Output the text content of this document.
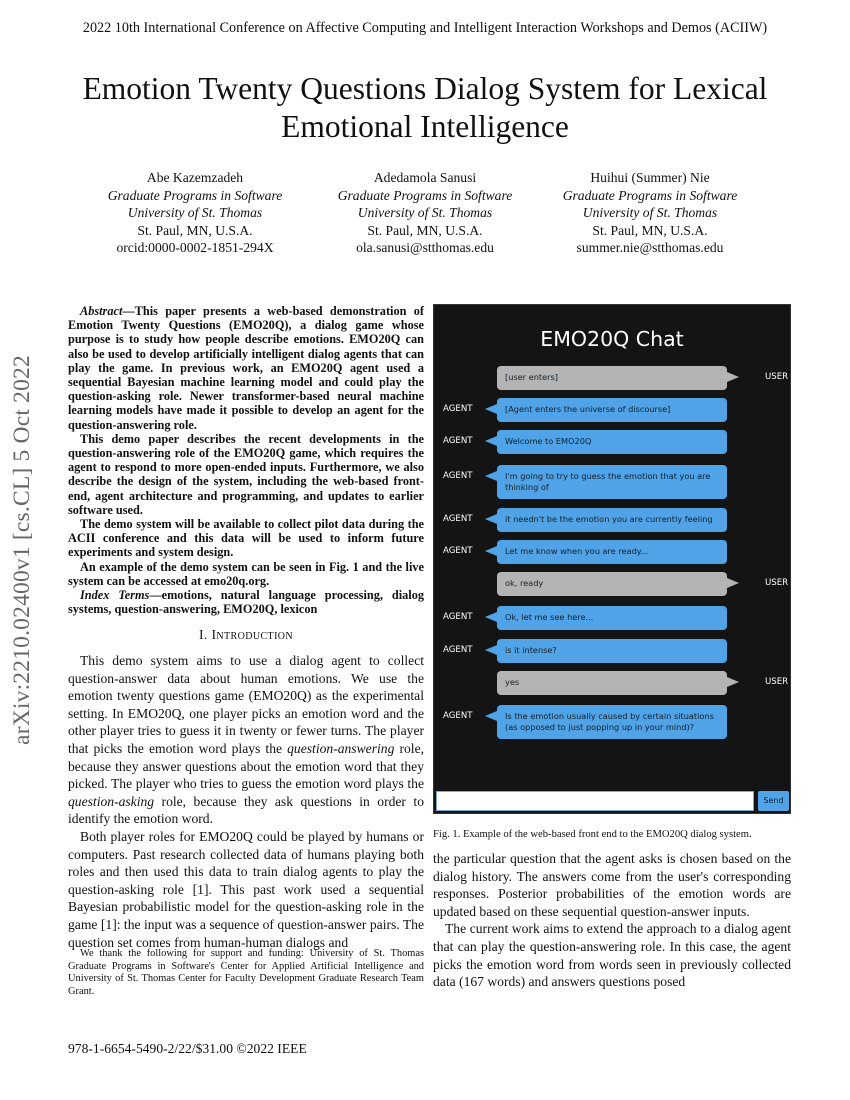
2022 10th International Conference on Affective Computing and Intelligent Interaction Workshops and Demos (ACIIW)
Emotion Twenty Questions Dialog System for Lexical Emotional Intelligence
Abe Kazemzadeh
Graduate Programs in Software
University of St. Thomas
St. Paul, MN, U.S.A.
orcid:0000-0002-1851-294X
Adedamola Sanusi
Graduate Programs in Software
University of St. Thomas
St. Paul, MN, U.S.A.
ola.sanusi@stthomas.edu
Huihui (Summer) Nie
Graduate Programs in Software
University of St. Thomas
St. Paul, MN, U.S.A.
summer.nie@stthomas.edu
arXiv:2210.02400v1 [cs.CL] 5 Oct 2022

Abstract—This paper presents a web-based demonstration of Emotion Twenty Questions (EMO20Q), a dialog game whose purpose is to study how people describe emotions. EMO20Q can also be used to develop artificially intelligent dialog agents that can play the game. In previous work, an EMO20Q agent used a sequential Bayesian machine learning model and could play the question-asking role. Newer transformer-based neural machine learning models have made it possible to develop an agent for the question-answering role.

This demo paper describes the recent developments in the question-answering role of the EMO20Q game, which requires the agent to respond to more open-ended inputs. Furthermore, we also describe the design of the system, including the web-based front-end, agent architecture and programming, and updates to earlier software used.

The demo system will be available to collect pilot data during the ACII conference and this data will be used to inform future experiments and system design.

An example of the demo system can be seen in Fig. 1 and the live system can be accessed at emo20q.org.

Index Terms—emotions, natural language processing, dialog systems, question-answering, EMO20Q, lexicon

I. Introduction

This demo system aims to use a dialog agent to collect question-answer data about human emotions. We use the emotion twenty questions game (EMO20Q) as the experimental setting. In EMO20Q, one player picks an emotion word and the other player tries to guess it in twenty or fewer turns. The player that picks the emotion word plays the question-answering role, because they answer questions about the emotion word that they picked. The player who tries to guess the emotion word plays the question-asking role, because they ask questions in order to identify the emotion word.

Both player roles for EMO20Q could be played by humans or computers. Past research collected data of humans playing both roles and then used this data to train dialog agents to play the question-asking role [1]. This past work used a sequential Bayesian probabilistic model for the question-asking role in the game [1]: the input was a sequence of question-answer pairs. The question set comes from human-human dialogs and

We thank the following for support and funding: University of St. Thomas Graduate Programs in Software's Center for Applied Artificial Intelligence and University of St. Thomas Center for Faculty Development Graduate Research Team Grant.
978-1-6654-5490-2/22/$31.00 ©2022 IEEE
EMO20Q Chat
[user enters]	USER
[Agent enters the universe of discourse]
AGENT
Welcome to EMO20Q
AGENT
I'm going to try to guess the emotion that you are thinking of
AGENT
it needn't be the emotion you are currently feeling
AGENT
Let me know when you are ready...
AGENT
ok, ready	USER
Ok, let me see here...
AGENT
is it intense?
AGENT
yes	USER
Is the emotion usually caused by certain situations (as opposed to just popping up in your mind)?
AGENT
Send
Fig. 1. Example of the web-based front end to the EMO20Q dialog system.

the particular question that the agent asks is chosen based on the dialog history. The answers come from the user's corresponding responses. Posterior probabilities of the emotion words are updated based on these sequential question-answer inputs.

The current work aims to extend the approach to a dialog agent that can play the question-answering role. In this case, the agent picks the emotion word from words seen in previously collected data (167 words) and answers questions posed
